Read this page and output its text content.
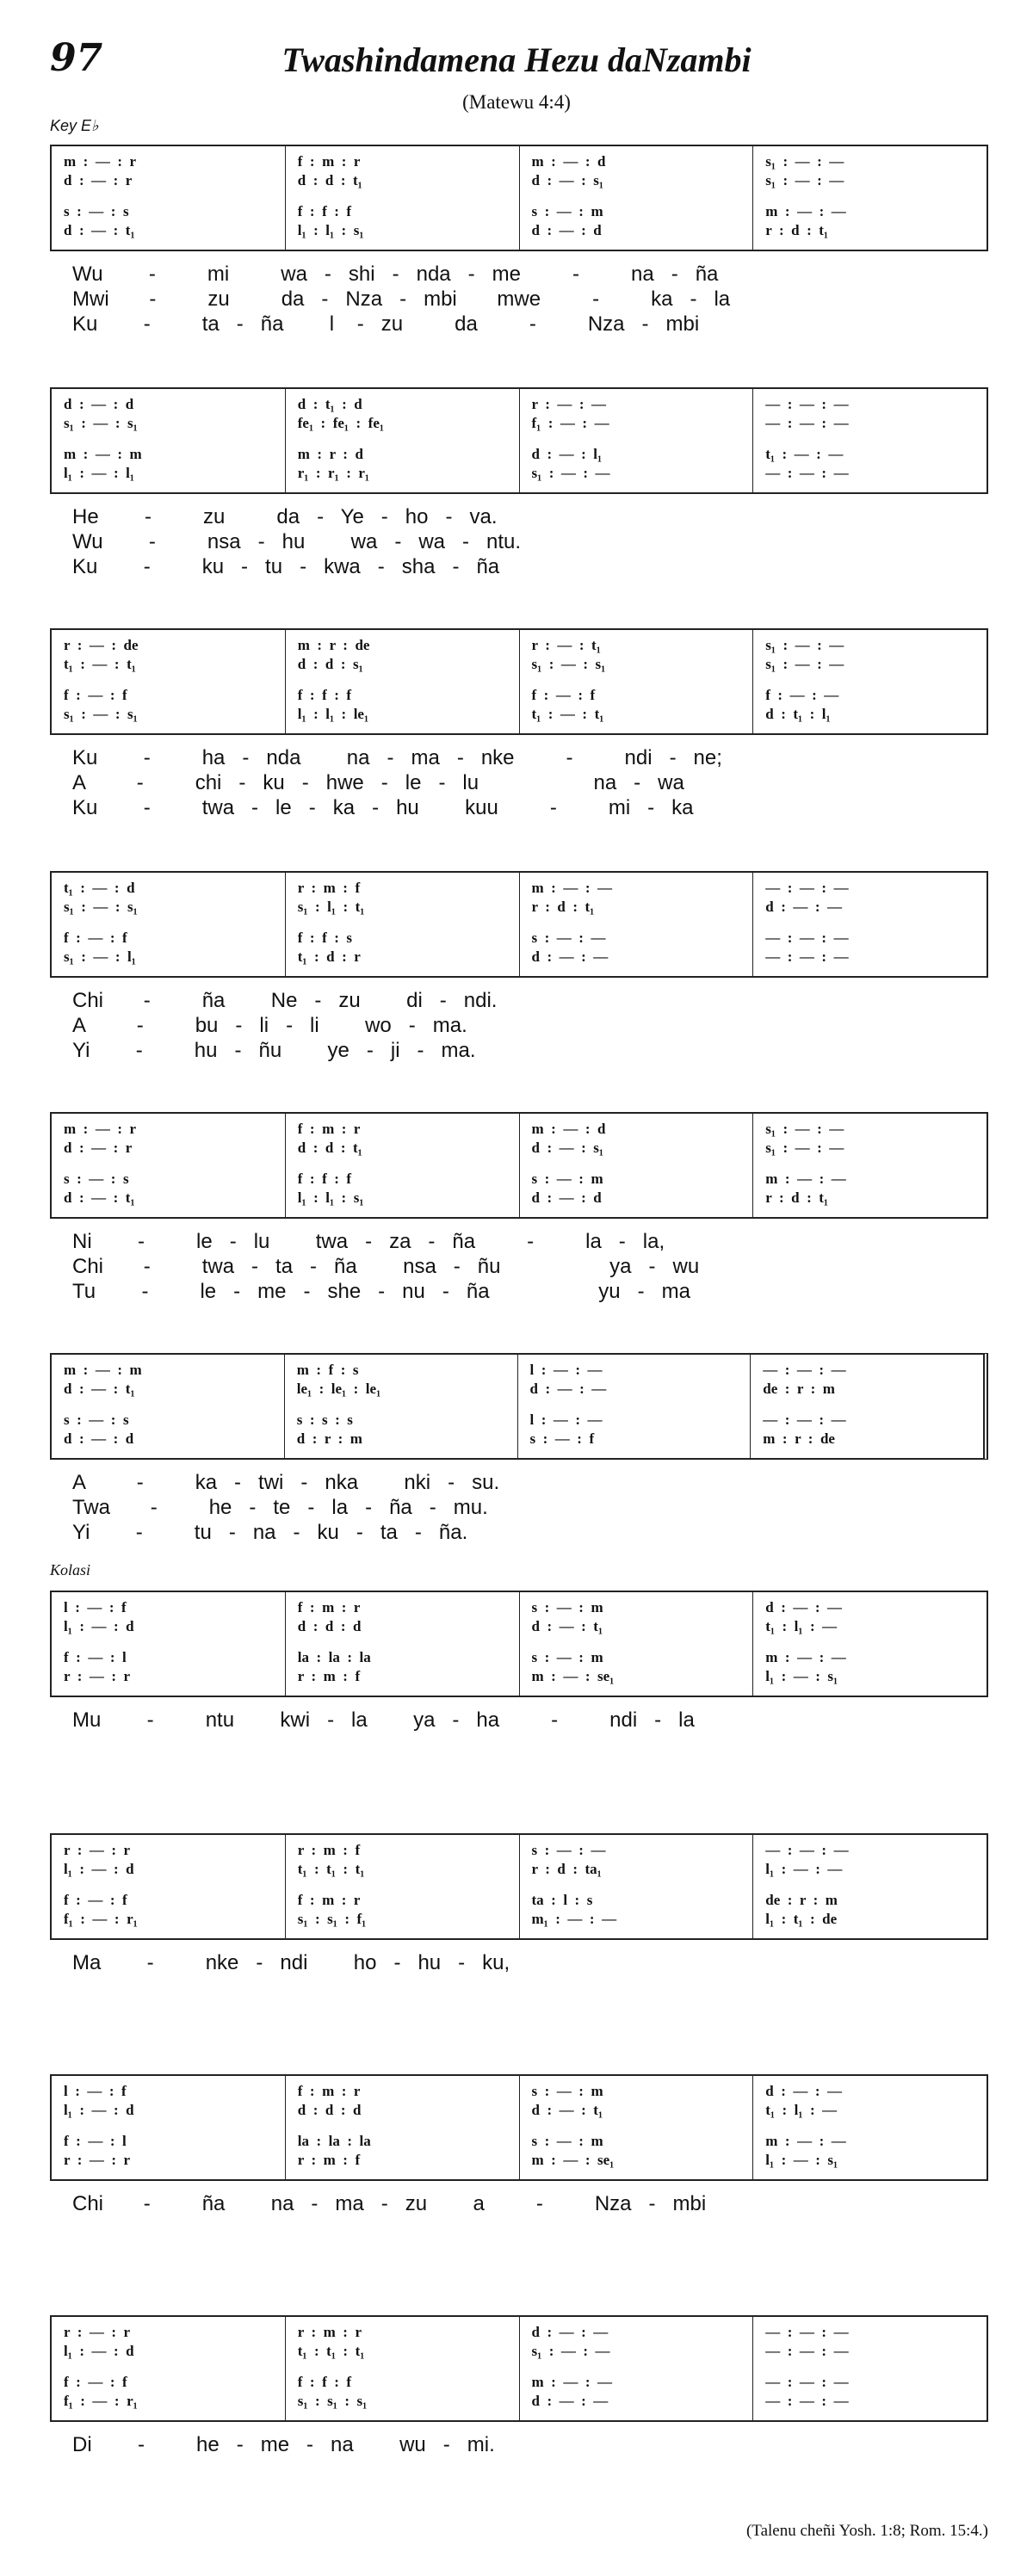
97	Twashindamena Hezu daNzambi
(Matewu 4:4)
Key E♭
Kolasi
(Talenu cheñi Yosh. 1:8; Rom. 15:4.)
m  :  —  :  r
d  :  —  :  r
s  :  —  :  s
d  :  —  :  t₁
f  :  m  :  r
d  :  d  :  t₁
f  :  f  :  f
l₁  :  l₁  :  s₁
m  :  —  :  d
d  :  —  :  s₁
s  :  —  :  m
d  :  —  :  d
s₁  :  —  :  —
s₁  :  —  :  —
m  :  —  :  —
r  :  d  :  t₁
Wu        -         mi         wa   -   shi   -   nda   -   me         -         na   -   ña
Mwi       -         zu         da   -   Nza   -   mbi       mwe         -         ka   -   la
Ku        -         ta   -   ña        l    -   zu         da         -         Nza   -   mbi
d  :  —  :  d
s₁  :  —  :  s₁
m  :  —  :  m
l₁  :  —  :  l₁
d  :  t₁  :  d
fe₁  :  fe₁  :  fe₁
m  :  r  :  d
r₁  :  r₁  :  r₁
r  :  —  :  —
f₁  :  —  :  —
d  :  —  :  l₁
s₁  :  —  :  —
—  :  —  :  —
—  :  —  :  —
t₁  :  —  :  —
—  :  —  :  —
He        -         zu         da   -   Ye   -   ho   -   va.
Wu        -         nsa   -   hu        wa   -   wa   -   ntu.
Ku        -         ku   -   tu   -   kwa   -   sha   -   ña
r  :  —  :  de
t₁  :  —  :  t₁
f  :  —  :  f
s₁  :  —  :  s₁
m  :  r  :  de
d  :  d  :  s₁
f  :  f  :  f
l₁  :  l₁  :  le₁
r  :  —  :  t₁
s₁  :  —  :  s₁
f  :  —  :  f
t₁  :  —  :  t₁
s₁  :  —  :  —
s₁  :  —  :  —
f  :  —  :  —
d  :  t₁  :  l₁
Ku        -         ha   -   nda        na   -   ma   -   nke         -         ndi   -   ne;
A         -         chi   -   ku   -   hwe   -   le   -   lu                    na   -   wa
Ku        -         twa   -   le   -   ka   -   hu        kuu         -         mi   -   ka
t₁  :  —  :  d
s₁  :  —  :  s₁
f  :  —  :  f
s₁  :  —  :  l₁
r  :  m  :  f
s₁  :  l₁  :  t₁
f  :  f  :  s
t₁  :  d  :  r
m  :  —  :  —
r  :  d  :  t₁
s  :  —  :  —
d  :  —  :  —
—  :  —  :  —
d  :  —  :  —
—  :  —  :  —
—  :  —  :  —
Chi       -         ña        Ne   -   zu        di   -   ndi.
A         -         bu   -   li   -   li        wo   -   ma.
Yi        -         hu   -   ñu        ye   -   ji   -   ma.
m  :  —  :  r
d  :  —  :  r
s  :  —  :  s
d  :  —  :  t₁
f  :  m  :  r
d  :  d  :  t₁
f  :  f  :  f
l₁  :  l₁  :  s₁
m  :  —  :  d
d  :  —  :  s₁
s  :  —  :  m
d  :  —  :  d
s₁  :  —  :  —
s₁  :  —  :  —
m  :  —  :  —
r  :  d  :  t₁
Ni        -         le   -   lu        twa   -   za   -   ña         -         la   -   la,
Chi       -         twa   -   ta   -   ña        nsa   -   ñu                   ya   -   wu
Tu        -         le   -   me   -   she   -   nu   -   ña                   yu   -   ma
m  :  —  :  m
d  :  —  :  t₁
s  :  —  :  s
d  :  —  :  d
m  :  f  :  s
le₁  :  le₁  :  le₁
s  :  s  :  s
d  :  r  :  m
l  :  —  :  —
d  :  —  :  —
l  :  —  :  —
s  :  —  :  f
—  :  —  :  —
de  :  r  :  m
—  :  —  :  —
m  :  r  :  de
A         -         ka   -   twi   -   nka        nki   -   su.
Twa       -         he   -   te   -   la   -   ña   -   mu.
Yi        -         tu   -   na   -   ku   -   ta   -   ña.
l  :  —  :  f
l₁  :  —  :  d
f  :  —  :  l
r  :  —  :  r
f  :  m  :  r
d  :  d  :  d
la  :  la  :  la
r  :  m  :  f
s  :  —  :  m
d  :  —  :  t₁
s  :  —  :  m
m  :  —  :  se₁
d  :  —  :  —
t₁  :  l₁  :  —
m  :  —  :  —
l₁  :  —  :  s₁
Mu        -         ntu        kwi   -   la        ya   -   ha         -         ndi   -   la
r  :  —  :  r
l₁  :  —  :  d
f  :  —  :  f
f₁  :  —  :  r₁
r  :  m  :  f
t₁  :  t₁  :  t₁
f  :  m  :  r
s₁  :  s₁  :  f₁
s  :  —  :  —
r  :  d  :  ta₁
ta  :  l  :  s
m₁  :  —  :  —
—  :  —  :  —
l₁  :  —  :  —
de  :  r  :  m
l₁  :  t₁  :  de
Ma        -         nke   -   ndi        ho   -   hu   -   ku,
l  :  —  :  f
l₁  :  —  :  d
f  :  —  :  l
r  :  —  :  r
f  :  m  :  r
d  :  d  :  d
la  :  la  :  la
r  :  m  :  f
s  :  —  :  m
d  :  —  :  t₁
s  :  —  :  m
m  :  —  :  se₁
d  :  —  :  —
t₁  :  l₁  :  —
m  :  —  :  —
l₁  :  —  :  s₁
Chi       -         ña        na   -   ma   -   zu        a         -         Nza   -   mbi
r  :  —  :  r
l₁  :  —  :  d
f  :  —  :  f
f₁  :  —  :  r₁
r  :  m  :  r
t₁  :  t₁  :  t₁
f  :  f  :  f
s₁  :  s₁  :  s₁
d  :  —  :  —
s₁  :  —  :  —
m  :  —  :  —
d  :  —  :  —
—  :  —  :  —
—  :  —  :  —
—  :  —  :  —
—  :  —  :  —
Di        -         he   -   me   -   na        wu   -   mi.
